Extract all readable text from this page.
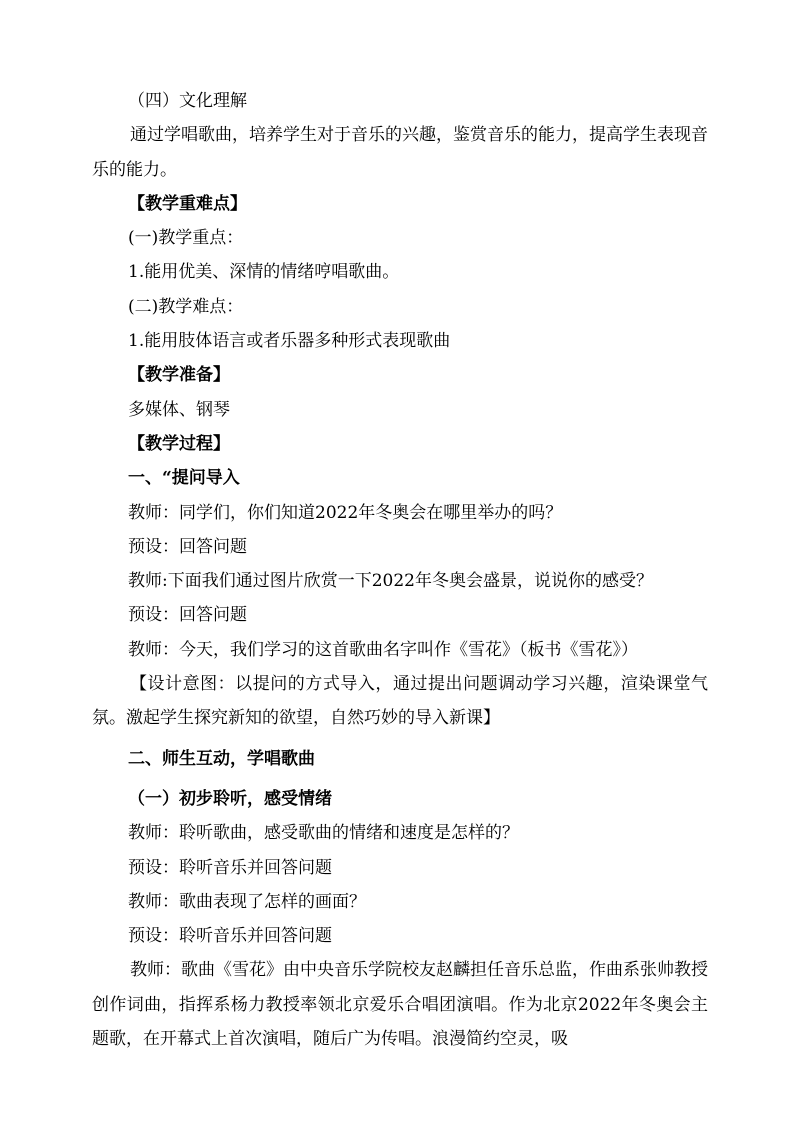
（四）文化理解
通过学唱歌曲，培养学生对于音乐的兴趣，鉴赏音乐的能力，提高学生表现音乐的能力。
【教学重难点】
(一)教学重点：
1.能用优美、深情的情绪哼唱歌曲。
(二)教学难点：
1.能用肢体语言或者乐器多种形式表现歌曲
【教学准备】
多媒体、钢琴
【教学过程】
一、“提问导入
教师：同学们，你们知道2022年冬奥会在哪里举办的吗？
预设：回答问题
教师:下面我们通过图片欣赏一下2022年冬奥会盛景，说说你的感受？
预设：回答问题
教师：今天，我们学习的这首歌曲名字叫作《雪花》（板书《雪花》）
【设计意图：以提问的方式导入，通过提出问题调动学习兴趣，渲染课堂气氛。激起学生探究新知的欲望，自然巧妙的导入新课】
二、师生互动，学唱歌曲
（一）初步聆听，感受情绪
教师：聆听歌曲，感受歌曲的情绪和速度是怎样的？
预设：聆听音乐并回答问题
教师：歌曲表现了怎样的画面？
预设：聆听音乐并回答问题
教师：歌曲《雪花》由中央音乐学院校友赵麟担任音乐总监，作曲系张帅教授创作词曲，指挥系杨力教授率领北京爱乐合唱团演唱。作为北京2022年冬奥会主题歌，在开幕式上首次演唱，随后广为传唱。浪漫简约空灵，吸
